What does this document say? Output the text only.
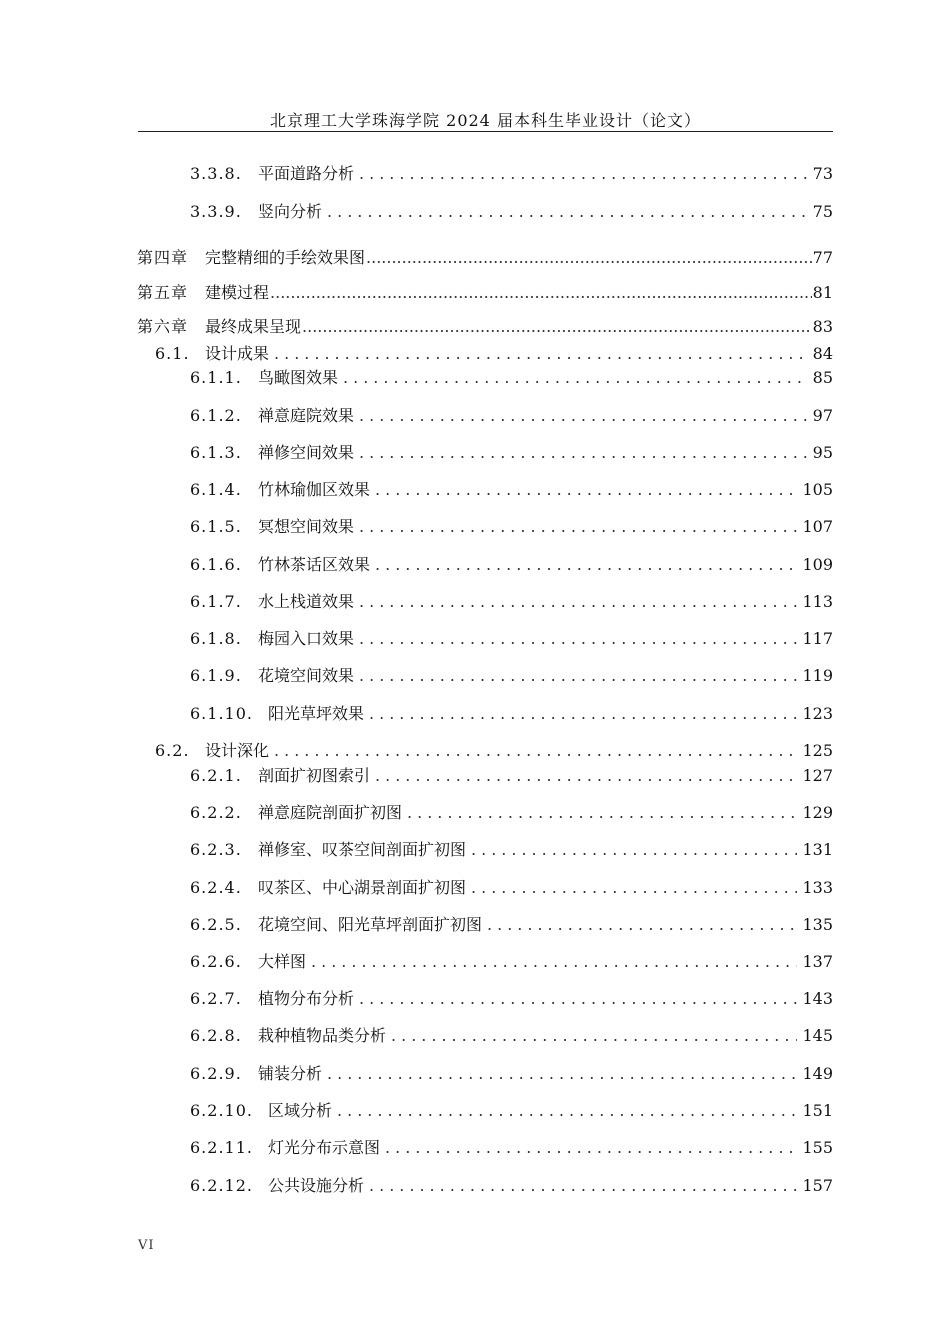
北京理工大学珠海学院 2024 届本科生毕业设计（论文）
3.3.8.	平面道路分析 .....	73
3.3.9.	竖向分析 .....	75
第四章	完整精细的手绘效果图 .....	77
第五章	建模过程 .....	81
第六章	最终成果呈现 .....	83
6.1. 设计成果 .....	84
6.1.1.	鸟瞰图效果 .....	85
6.1.2.	禅意庭院效果 .....	97
6.1.3.	禅修空间效果 .....	95
6.1.4.	竹林瑜伽区效果 .....	105
6.1.5.	冥想空间效果 .....	107
6.1.6.	竹林茶话区效果 .....	109
6.1.7.	水上栈道效果 .....	113
6.1.8.	梅园入口效果 .....	117
6.1.9.	花境空间效果 .....	119
6.1.10. 阳光草坪效果 .....	123
6.2. 设计深化 .....	125
6.2.1.	剖面扩初图索引 .....	127
6.2.2.	禅意庭院剖面扩初图 .....	129
6.2.3.	禅修室、叹茶空间剖面扩初图 .....	131
6.2.4.	叹茶区、中心湖景剖面扩初图 .....	133
6.2.5.	花境空间、阳光草坪剖面扩初图 .....	135
6.2.6.	大样图 .....	137
6.2.7.	植物分布分析 .....	143
6.2.8.	栽种植物品类分析 .....	145
6.2.9.	铺装分析 .....	149
6.2.10. 区域分析 .....	151
6.2.11. 灯光分布示意图 .....	155
6.2.12. 公共设施分析 .....	157
VI
